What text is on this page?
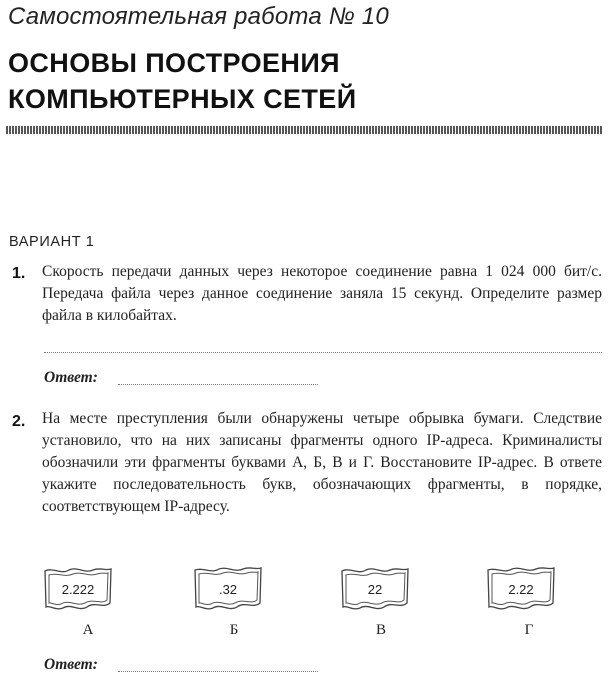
Самостоятельная работа № 10
ОСНОВЫ ПОСТРОЕНИЯ
КОМПЬЮТЕРНЫХ СЕТЕЙ
ВАРИАНТ 1
1. Скорость передачи данных через некоторое соединение равна 1 024 000 бит/с. Передача файла через данное соединение заняла 15 секунд. Определите размер файла в килобайтах.
Ответ:
2. На месте преступления были обнаружены четыре обрывка бумаги. Следствие установило, что на них записаны фрагменты одного IP-адреса. Криминалисты обозначили эти фрагменты буквами А, Б, В и Г. Восстановите IP-адрес. В ответе укажите последовательность букв, обозначающих фрагменты, в порядке, соответствующем IP-адресу.
2.222
А
.32
Б
22
В
2.22
Г
Ответ:
